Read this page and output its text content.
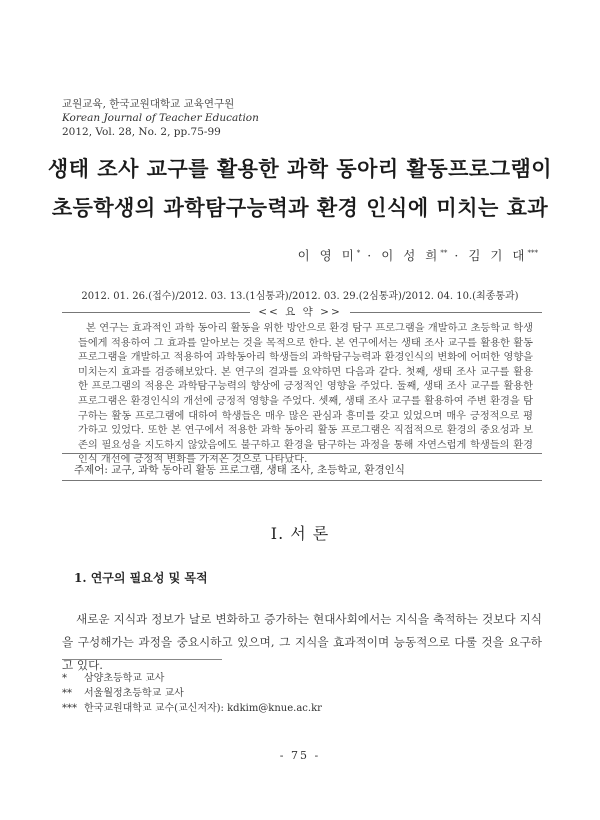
교원교육, 한국교원대학교 교육연구원
Korean Journal of Teacher Education
2012, Vol. 28, No. 2, pp.75-99
생태 조사 교구를 활용한 과학 동아리 활동프로그램이
초등학생의 과학탐구능력과 환경 인식에 미치는 효과
이 영 미* · 이 성 희** · 김 기 대***
2012. 01. 26.(접수)/2012. 03. 13.(1심통과)/2012. 03. 29.(2심통과)/2012. 04. 10.(최종통과)
<< 요 약 >>
본 연구는 효과적인 과학 동아리 활동을 위한 방안으로 환경 탐구 프로그램을 개발하고 초등학교 학생들에게 적용하여 그 효과를 알아보는 것을 목적으로 한다. 본 연구에서는 생태 조사 교구를 활용한 활동 프로그램을 개발하고 적용하여 과학동아리 학생들의 과학탐구능력과 환경인식의 변화에 어떠한 영향을 미치는지 효과를 검증해보았다. 본 연구의 결과를 요약하면 다음과 같다. 첫째, 생태 조사 교구를 활용한 프로그램의 적용은 과학탐구능력의 향상에 긍정적인 영향을 주었다. 둘째, 생태 조사 교구를 활용한 프로그램은 환경인식의 개선에 긍정적 영향을 주었다. 셋째, 생태 조사 교구를 활용하여 주변 환경을 탐구하는 활동 프로그램에 대하여 학생들은 매우 많은 관심과 흥미를 갖고 있었으며 매우 긍정적으로 평가하고 있었다. 또한 본 연구에서 적용한 과학 동아리 활동 프로그램은 직접적으로 환경의 중요성과 보존의 필요성을 지도하지 않았음에도 불구하고 환경을 탐구하는 과정을 통해 자연스럽게 학생들의 환경인식 개선에 긍정적 변화를 가져온 것으로 나타났다.
주제어: 교구, 과학 동아리 활동 프로그램, 생태 조사, 초등학교, 환경인식
Ⅰ. 서 론
1. 연구의 필요성 및 목적
새로운 지식과 정보가 날로 변화하고 증가하는 현대사회에서는 지식을 축적하는 것보다 지식을 구성해가는 과정을 중요시하고 있으며, 그 지식을 효과적이며 능동적으로 다룰 것을 요구하고 있다.
* 삼양초등학교 교사
** 서울월정초등학교 교사
*** 한국교원대학교 교수(교신저자): kdkim@knue.ac.kr
- 75 -
